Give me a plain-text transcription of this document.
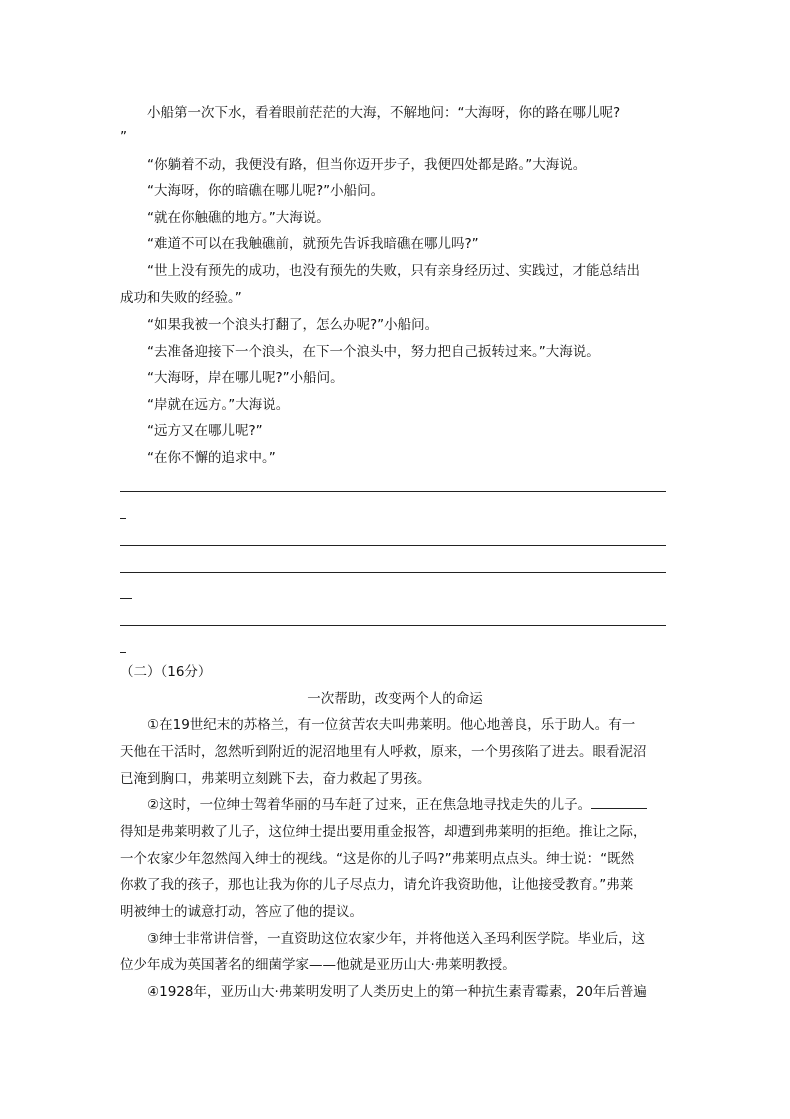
小船第一次下水，看着眼前茫茫的大海，不解地问：“大海呀，你的路在哪儿呢?

”

“你躺着不动，我便没有路，但当你迈开步子，我便四处都是路。”大海说。

“大海呀，你的暗礁在哪儿呢?”小船问。

“就在你触礁的地方。”大海说。

“难道不可以在我触礁前，就预先告诉我暗礁在哪儿吗?”

“世上没有预先的成功，也没有预先的失败，只有亲身经历过、实践过，才能总结出

成功和失败的经验。”

“如果我被一个浪头打翻了，怎么办呢?”小船问。

“去准备迎接下一个浪头，在下一个浪头中，努力把自己扳转过来。”大海说。

“大海呀，岸在哪儿呢?”小船问。

“岸就在远方。”大海说。

“远方又在哪儿呢?”

“在你不懈的追求中。”

（二）（16分）

一次帮助，改变两个人的命运

①在19世纪末的苏格兰，有一位贫苦农夫叫弗莱明。他心地善良，乐于助人。有一

天他在干活时，忽然听到附近的泥沼地里有人呼救，原来，一个男孩陷了进去。眼看泥沼

已淹到胸口，弗莱明立刻跳下去，奋力救起了男孩。

②这时，一位绅士驾着华丽的马车赶了过来，正在焦急地寻找走失的儿子。

得知是弗莱明救了儿子，这位绅士提出要用重金报答，却遭到弗莱明的拒绝。推让之际，

一个农家少年忽然闯入绅士的视线。“这是你的儿子吗?”弗莱明点点头。绅士说：“既然

你救了我的孩子，那也让我为你的儿子尽点力，请允许我资助他，让他接受教育。”弗莱

明被绅士的诚意打动，答应了他的提议。

③绅士非常讲信誉，一直资助这位农家少年，并将他送入圣玛利医学院。毕业后，这

位少年成为英国著名的细菌学家——他就是亚历山大·弗莱明教授。

④1928年，亚历山大·弗莱明发明了人类历史上的第一种抗生素青霉素，20年后普遍
